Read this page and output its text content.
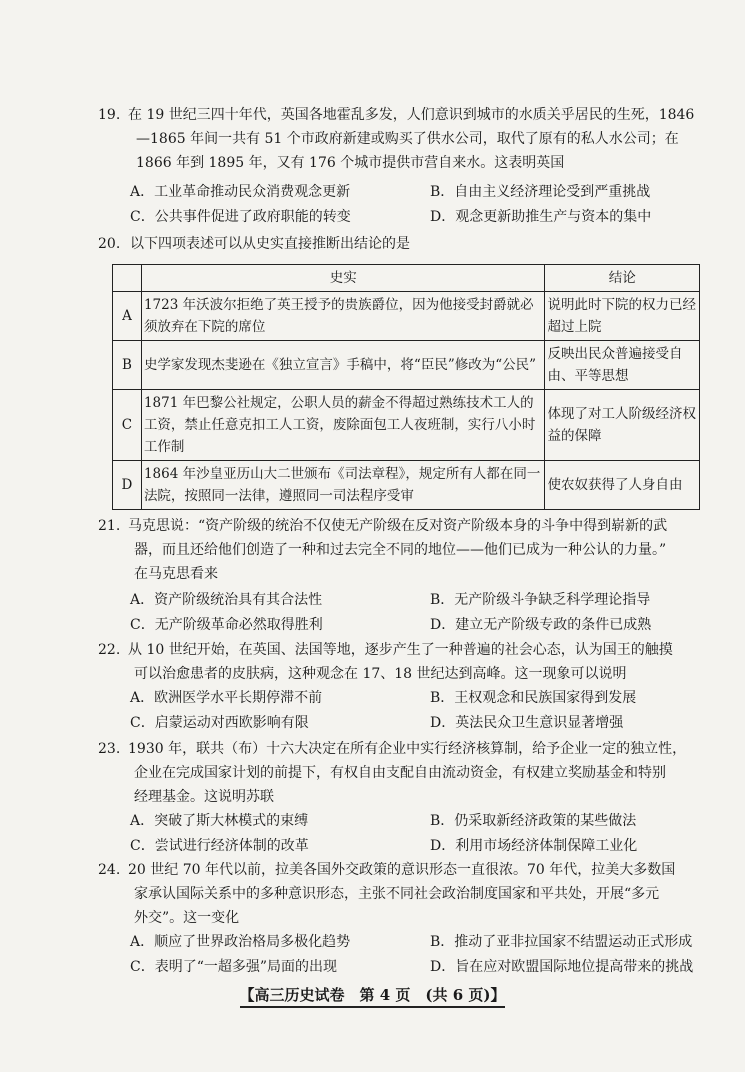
19. 在 19 世纪三四十年代，英国各地霍乱多发，人们意识到城市的水质关乎居民的生死，1846
—1865 年间一共有 51 个市政府新建或购买了供水公司，取代了原有的私人水公司；在
1866 年到 1895 年，又有 176 个城市提供市营自来水。这表明英国
A．工业革命推动民众消费观念更新	B．自由主义经济理论受到严重挑战
C．公共事件促进了政府职能的转变	D．观念更新助推生产与资本的集中
20. 以下四项表述可以从史实直接推断出结论的是
	史实	结论
A	1723 年沃波尔拒绝了英王授予的贵族爵位，因为他接受封爵就必须放弃在下院的席位	说明此时下院的权力已经超过上院
B	史学家发现杰斐逊在《独立宣言》手稿中，将“臣民”修改为“公民”	反映出民众普遍接受自由、平等思想
C	1871 年巴黎公社规定，公职人员的薪金不得超过熟练技术工人的工资，禁止任意克扣工人工资，废除面包工人夜班制，实行八小时工作制	体现了对工人阶级经济权益的保障
D	1864 年沙皇亚历山大二世颁布《司法章程》，规定所有人都在同一法院，按照同一法律，遵照同一司法程序受审	使农奴获得了人身自由
21. 马克思说：“资产阶级的统治不仅使无产阶级在反对资产阶级本身的斗争中得到崭新的武
器，而且还给他们创造了一种和过去完全不同的地位——他们已成为一种公认的力量。”
在马克思看来
A．资产阶级统治具有其合法性	B．无产阶级斗争缺乏科学理论指导
C．无产阶级革命必然取得胜利	D．建立无产阶级专政的条件已成熟
22. 从 10 世纪开始，在英国、法国等地，逐步产生了一种普遍的社会心态，认为国王的触摸
可以治愈患者的皮肤病，这种观念在 17、18 世纪达到高峰。这一现象可以说明
A．欧洲医学水平长期停滞不前	B．王权观念和民族国家得到发展
C．启蒙运动对西欧影响有限	D．英法民众卫生意识显著增强
23. 1930 年，联共（布）十六大决定在所有企业中实行经济核算制，给予企业一定的独立性，
企业在完成国家计划的前提下，有权自由支配自由流动资金，有权建立奖励基金和特别
经理基金。这说明苏联
A．突破了斯大林模式的束缚	B．仍采取新经济政策的某些做法
C．尝试进行经济体制的改革	D．利用市场经济体制保障工业化
24. 20 世纪 70 年代以前，拉美各国外交政策的意识形态一直很浓。70 年代，拉美大多数国
家承认国际关系中的多种意识形态，主张不同社会政治制度国家和平共处，开展“多元
外交”。这一变化
A．顺应了世界政治格局多极化趋势	B．推动了亚非拉国家不结盟运动正式形成
C．表明了“一超多强”局面的出现	D．旨在应对欧盟国际地位提高带来的挑战
【高三历史试卷　第 4 页　(共 6 页)】
